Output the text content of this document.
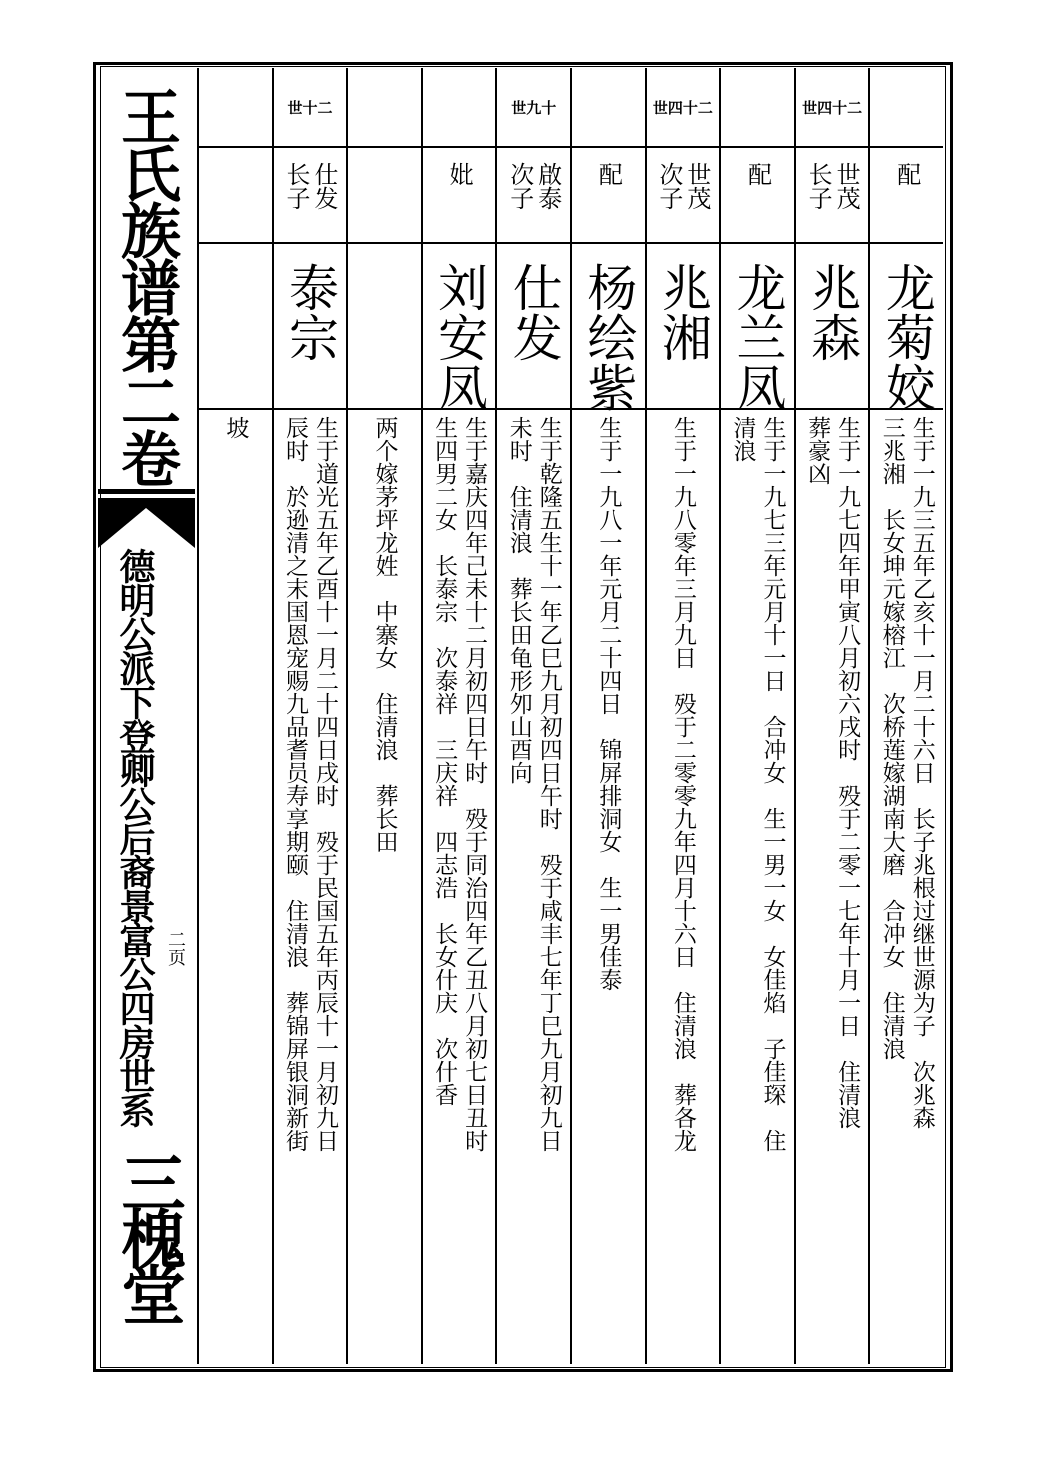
王氏族谱第二卷
德明公派下登卿公后裔景富公四房世系 二页
三槐堂
配
龙菊姣
生于一九三五年乙亥十一月二十六日　长子兆根过继世源为子　次兆森
三兆湘　长女坤元嫁榕江　次桥莲嫁湖南大磨　合冲女　住清浪
世四十二
世茂
长子
兆森
生于一九七四年甲寅八月初六戌时　殁于二零一七年十月一日　住清浪
葬豪凶
配
龙兰凤
生于一九七三年元月十一日　合冲女　生一男一女　女佳焰　子佳琛　住
清浪
世四十二
世茂
次子
兆湘
生于一九八零年三月九日　殁于二零零九年四月十六日　住清浪　葬各龙
配
杨绘紫
生于一九八一年元月二十四日　锦屏排洞女　生一男佳泰
世九十
啟泰
次子
仕发
生于乾隆五生十一年乙巳九月初四日午时　殁于咸丰七年丁巳九月初九日
未时　住清浪　葬长田龟形夘山酉向
妣
刘安凤
生于嘉庆四年己未十二月初四日午时　殁于同治四年乙丑八月初七日丑时
生四男二女　长泰宗　次泰祥　三庆祥　四志浩　长女什庆　次什香
两个嫁茅坪龙姓　中寨女　住清浪　葬长田
世十二
仕发
长子
泰宗
生于道光五年乙酉十一月二十四日戌时　殁于民国五年丙辰十一月初九日
辰时　於逊清之末国恩宠赐九品耆员寿享期颐　住清浪　葬锦屏银洞新街
坡
